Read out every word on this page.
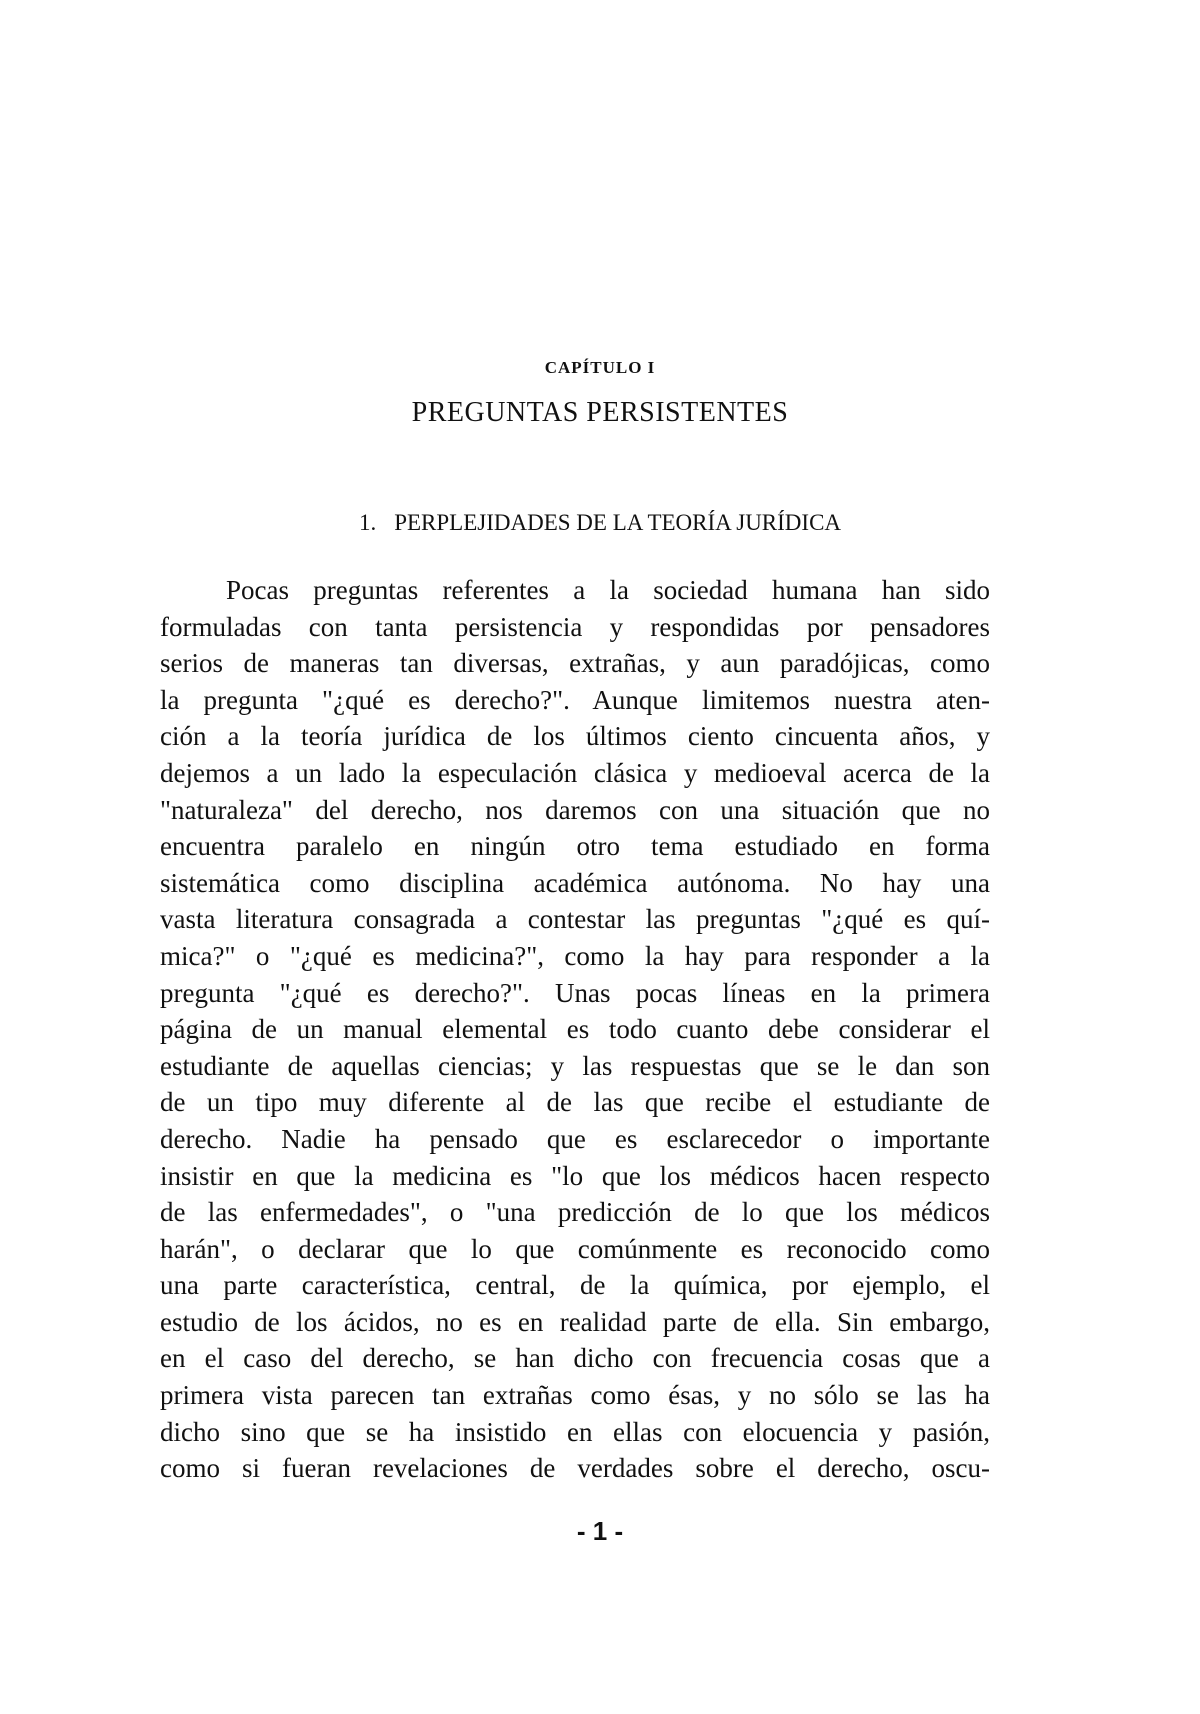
CAPÍTULO I
PREGUNTAS PERSISTENTES
1. PERPLEJIDADES DE LA TEORÍA JURÍDICA
Pocas preguntas referentes a la sociedad humana han sido
formuladas con tanta persistencia y respondidas por pensadores
serios de maneras tan diversas, extrañas, y aun paradójicas, como
la pregunta "¿qué es derecho?". Aunque limitemos nuestra aten-
ción a la teoría jurídica de los últimos ciento cincuenta años, y
dejemos a un lado la especulación clásica y medioeval acerca de la
"naturaleza" del derecho, nos daremos con una situación que no
encuentra paralelo en ningún otro tema estudiado en forma
sistemática como disciplina académica autónoma. No hay una
vasta literatura consagrada a contestar las preguntas "¿qué es quí-
mica?" o "¿qué es medicina?", como la hay para responder a la
pregunta "¿qué es derecho?". Unas pocas líneas en la primera
página de un manual elemental es todo cuanto debe considerar el
estudiante de aquellas ciencias; y las respuestas que se le dan son
de un tipo muy diferente al de las que recibe el estudiante de
derecho. Nadie ha pensado que es esclarecedor o importante
insistir en que la medicina es "lo que los médicos hacen respecto
de las enfermedades", o "una predicción de lo que los médicos
harán", o declarar que lo que comúnmente es reconocido como
una parte característica, central, de la química, por ejemplo, el
estudio de los ácidos, no es en realidad parte de ella. Sin embargo,
en el caso del derecho, se han dicho con frecuencia cosas que a
primera vista parecen tan extrañas como ésas, y no sólo se las ha
dicho sino que se ha insistido en ellas con elocuencia y pasión,
como si fueran revelaciones de verdades sobre el derecho, oscu-
- 1 -
